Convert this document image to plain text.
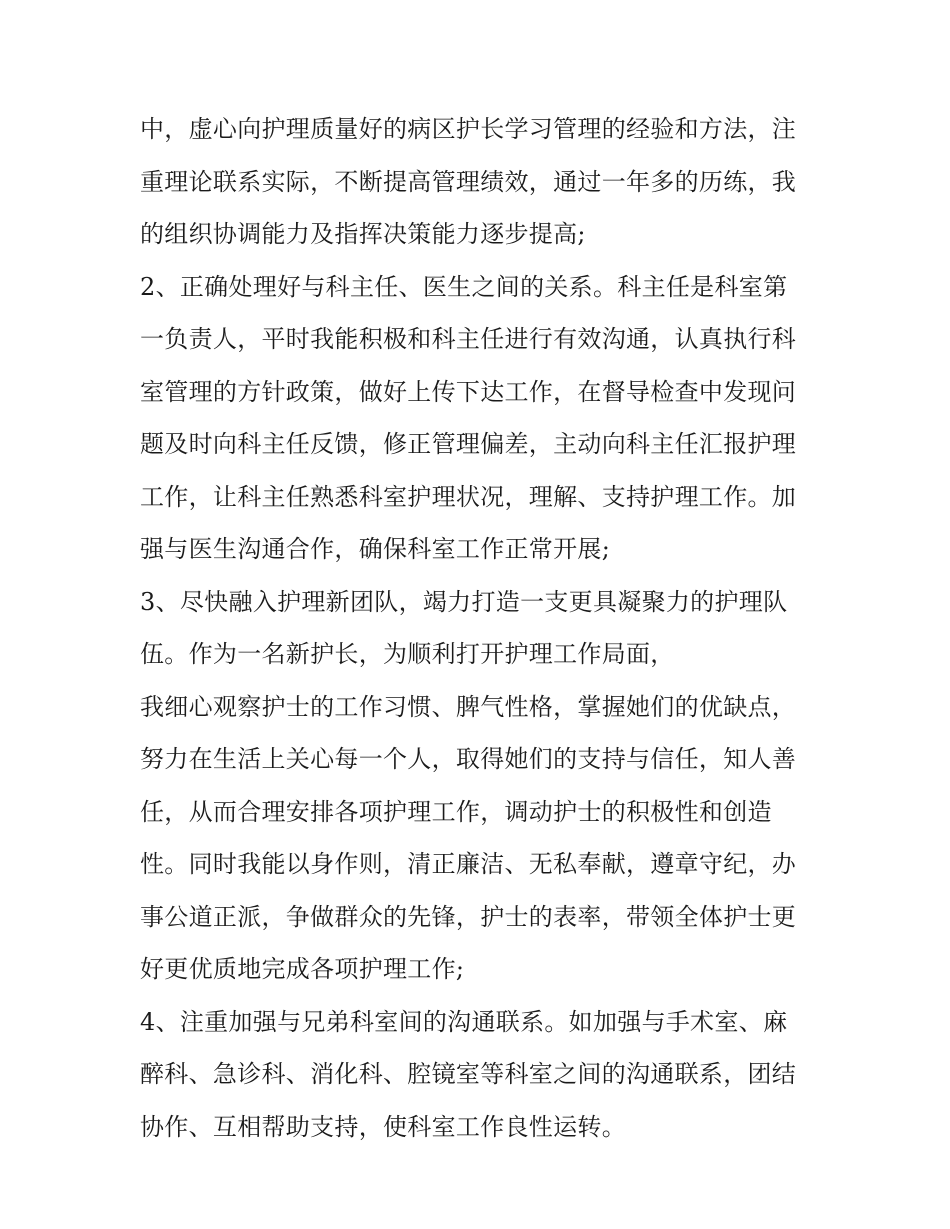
中，虚心向护理质量好的病区护长学习管理的经验和方法，注
重理论联系实际，不断提高管理绩效，通过一年多的历练，我
的组织协调能力及指挥决策能力逐步提高;
2、正确处理好与科主任、医生之间的关系。科主任是科室第
一负责人，平时我能积极和科主任进行有效沟通，认真执行科
室管理的方针政策，做好上传下达工作，在督导检查中发现问
题及时向科主任反馈，修正管理偏差，主动向科主任汇报护理
工作，让科主任熟悉科室护理状况，理解、支持护理工作。加
强与医生沟通合作，确保科室工作正常开展;
3、尽快融入护理新团队，竭力打造一支更具凝聚力的护理队
伍。作为一名新护长，为顺利打开护理工作局面，
我细心观察护士的工作习惯、脾气性格，掌握她们的优缺点，
努力在生活上关心每一个人，取得她们的支持与信任，知人善
任，从而合理安排各项护理工作，调动护士的积极性和创造
性。同时我能以身作则，清正廉洁、无私奉献，遵章守纪，办
事公道正派，争做群众的先锋，护士的表率，带领全体护士更
好更优质地完成各项护理工作;
4、注重加强与兄弟科室间的沟通联系。如加强与手术室、麻
醉科、急诊科、消化科、腔镜室等科室之间的沟通联系，团结
协作、互相帮助支持，使科室工作良性运转。
